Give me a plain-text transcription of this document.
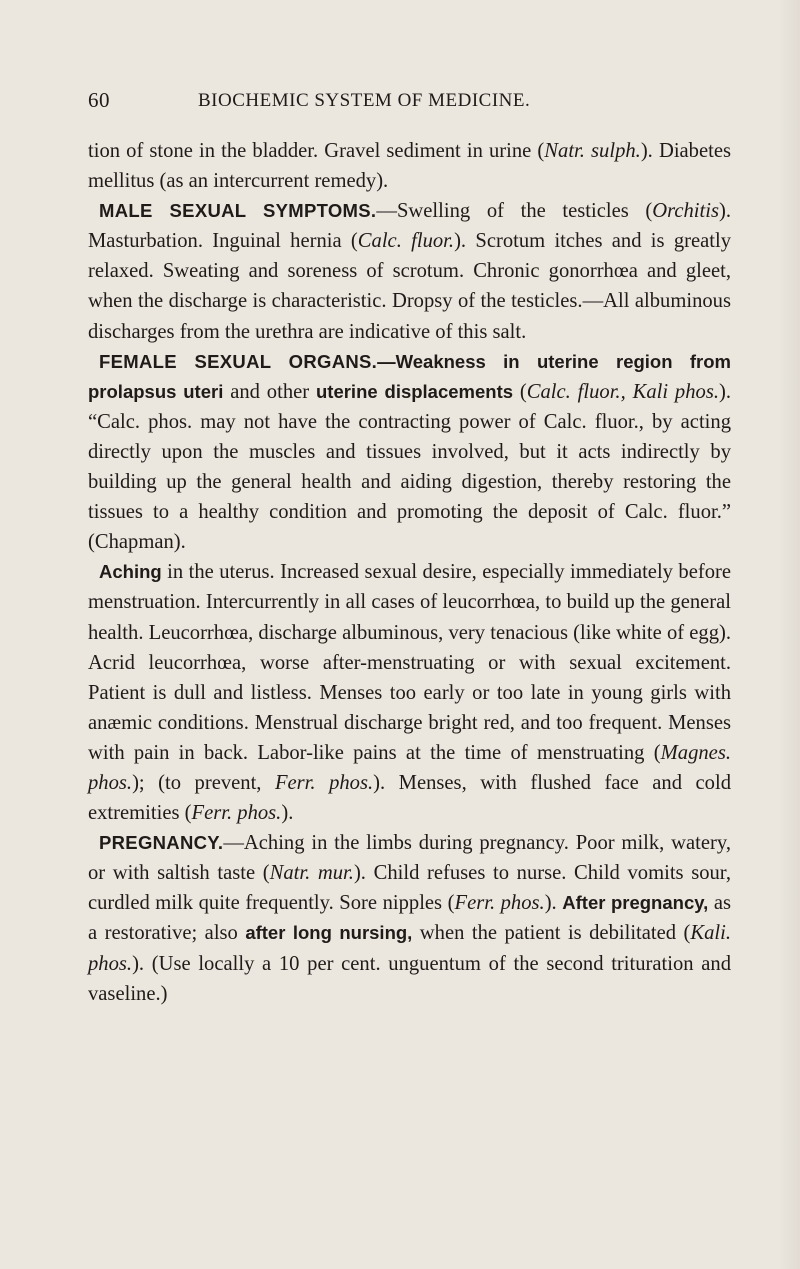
60	BIOCHEMIC SYSTEM OF MEDICINE.

tion of stone in the bladder. Gravel sediment in urine (Natr. sulph.). Diabetes mellitus (as an intercurrent remedy).

MALE SEXUAL SYMPTOMS.—Swelling of the testicles (Orchitis). Masturbation. Inguinal hernia (Calc. fluor.). Scrotum itches and is greatly relaxed. Sweating and soreness of scrotum. Chronic gonorrhœa and gleet, when the discharge is characteristic. Dropsy of the testicles.—All albuminous discharges from the urethra are indicative of this salt.

FEMALE SEXUAL ORGANS.—Weakness in uterine region from prolapsus uteri and other uterine displacements (Calc. fluor., Kali phos.). “Calc. phos. may not have the contracting power of Calc. fluor., by acting directly upon the muscles and tissues involved, but it acts indirectly by building up the general health and aiding digestion, thereby restoring the tissues to a healthy condition and promoting the deposit of Calc. fluor.” (Chapman).

Aching in the uterus. Increased sexual desire, especially immediately before menstruation. Intercurrently in all cases of leucorrhœa, to build up the general health. Leucorrhœa, discharge albuminous, very tenacious (like white of egg). Acrid leucorrhœa, worse after-menstruating or with sexual excitement. Patient is dull and listless. Menses too early or too late in young girls with anæmic conditions. Menstrual discharge bright red, and too frequent. Menses with pain in back. Labor-like pains at the time of menstruating (Magnes. phos.); (to prevent, Ferr. phos.). Menses, with flushed face and cold extremities (Ferr. phos.).

PREGNANCY.—Aching in the limbs during pregnancy. Poor milk, watery, or with saltish taste (Natr. mur.). Child refuses to nurse. Child vomits sour, curdled milk quite frequently. Sore nipples (Ferr. phos.). After pregnancy, as a restorative; also after long nursing, when the patient is debilitated (Kali. phos.). (Use locally a 10 per cent. unguentum of the second trituration and vaseline.)
